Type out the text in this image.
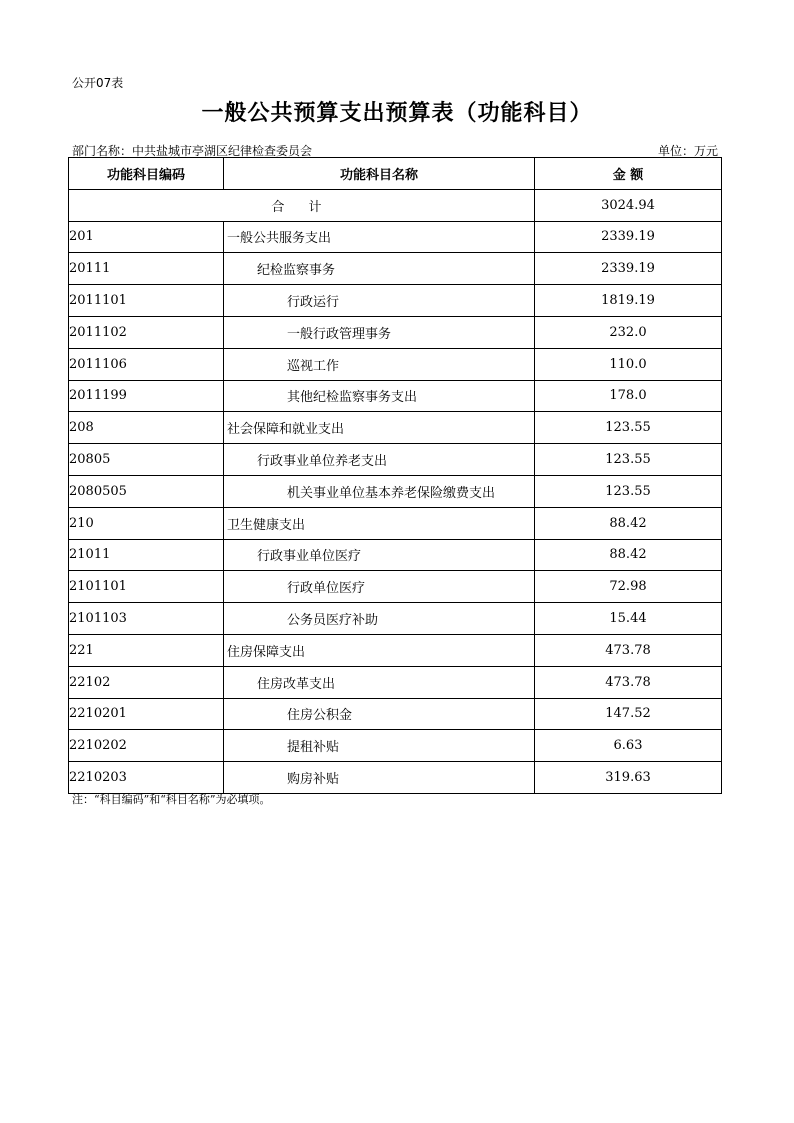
公开07表
一般公共预算支出预算表（功能科目）
部门名称：中共盐城市亭湖区纪律检查委员会	单位：万元
功能科目编码	功能科目名称	金 额
合 计		3024.94
201	一般公共服务支出	2339.19
20111	纪检监察事务	2339.19
2011101	行政运行	1819.19
2011102	一般行政管理事务	232.0
2011106	巡视工作	110.0
2011199	其他纪检监察事务支出	178.0
208	社会保障和就业支出	123.55
20805	行政事业单位养老支出	123.55
2080505	机关事业单位基本养老保险缴费支出	123.55
210	卫生健康支出	88.42
21011	行政事业单位医疗	88.42
2101101	行政单位医疗	72.98
2101103	公务员医疗补助	15.44
221	住房保障支出	473.78
22102	住房改革支出	473.78
2210201	住房公积金	147.52
2210202	提租补贴	6.63
2210203	购房补贴	319.63
注：“科目编码”和“科目名称”为必填项。
